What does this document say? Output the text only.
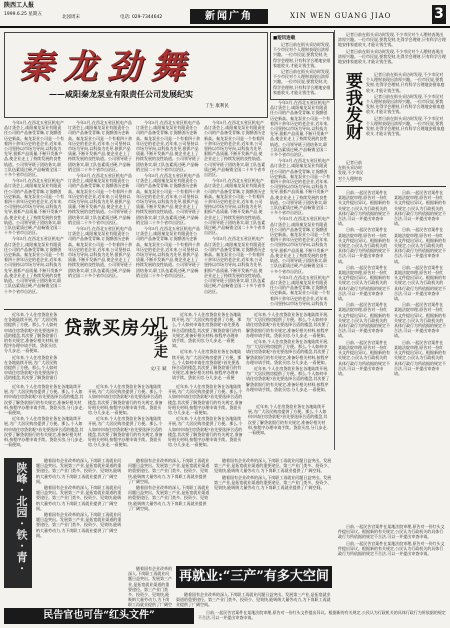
陕西工人报
1999.6.25 星期五
北园周末	电话: 029-7344642	新闻广角	XIN WEN GUANG JIAO	3
秦龙劲舞
——咸阳秦龙泵业有限责任公司发展纪实
丁生 康利民

今年5月,在西北五省区机电产品订货会上,咸阳秦龙泵业有限责任公司的产品备受青睐,订货额创历史新高。秦龙泵业公司是一个有着四十余年历史的老企业,近年来,公司坚持以市场为导向,以科技为先导,狠抓产品质量,不断开发新产品,使企业走上了持续发展的良性轨道。公司领导班子团结务实,职工队伍素质过硬,产品畅销全国二十多个省市自治区。

今年5月,在西北五省区机电产品订货会上,咸阳秦龙泵业有限责任公司的产品备受青睐,订货额创历史新高。秦龙泵业公司是一个有着四十余年历史的老企业,近年来,公司坚持以市场为导向,以科技为先导,狠抓产品质量,不断开发新产品,使企业走上了持续发展的良性轨道。公司领导班子团结务实,职工队伍素质过硬,产品畅销全国二十多个省市自治区。

今年5月,在西北五省区机电产品订货会上,咸阳秦龙泵业有限责任公司的产品备受青睐,订货额创历史新高。秦龙泵业公司是一个有着四十余年历史的老企业,近年来,公司坚持以市场为导向,以科技为先导,狠抓产品质量,不断开发新产品,使企业走上了持续发展的良性轨道。公司领导班子团结务实,职工队伍素质过硬,产品畅销全国二十多个省市自治区。

今年5月,在西北五省区机电产品订货会上,咸阳秦龙泵业有限责任公司的产品备受青睐,订货额创历史新高。秦龙泵业公司是一个有着四十余年历史的老企业,近年来,公司坚持以市场为导向,以科技为先导,狠抓产品质量,不断开发新产品,使企业走上了持续发展的良性轨道。公司领导班子团结务实,职工队伍素质过硬,产品畅销全国二十多个省市自治区。

今年5月,在西北五省区机电产品订货会上,咸阳秦龙泵业有限责任公司的产品备受青睐,订货额创历史新高。秦龙泵业公司是一个有着四十余年历史的老企业,近年来,公司坚持以市场为导向,以科技为先导,狠抓产品质量,不断开发新产品,使企业走上了持续发展的良性轨道。公司领导班子团结务实,职工队伍素质过硬,产品畅销全国二十多个省市自治区。

今年5月,在西北五省区机电产品订货会上,咸阳秦龙泵业有限责任公司的产品备受青睐,订货额创历史新高。秦龙泵业公司是一个有着四十余年历史的老企业,近年来,公司坚持以市场为导向,以科技为先导,狠抓产品质量,不断开发新产品,使企业走上了持续发展的良性轨道。公司领导班子团结务实,职工队伍素质过硬,产品畅销全国二十多个省市自治区。

今年5月,在西北五省区机电产品订货会上,咸阳秦龙泵业有限责任公司的产品备受青睐,订货额创历史新高。秦龙泵业公司是一个有着四十余年历史的老企业,近年来,公司坚持以市场为导向,以科技为先导,狠抓产品质量,不断开发新产品,使企业走上了持续发展的良性轨道。公司领导班子团结务实,职工队伍素质过硬,产品畅销全国二十多个省市自治区。

今年5月,在西北五省区机电产品订货会上,咸阳秦龙泵业有限责任公司的产品备受青睐,订货额创历史新高。秦龙泵业公司是一个有着四十余年历史的老企业,近年来,公司坚持以市场为导向,以科技为先导,狠抓产品质量,不断开发新产品,使企业走上了持续发展的良性轨道。公司领导班子团结务实,职工队伍素质过硬,产品畅销全国二十多个省市自治区。

今年5月,在西北五省区机电产品订货会上,咸阳秦龙泵业有限责任公司的产品备受青睐,订货额创历史新高。秦龙泵业公司是一个有着四十余年历史的老企业,近年来,公司坚持以市场为导向,以科技为先导,狠抓产品质量,不断开发新产品,使企业走上了持续发展的良性轨道。公司领导班子团结务实,职工队伍素质过硬,产品畅销全国二十多个省市自治区。

今年5月,在西北五省区机电产品订货会上,咸阳秦龙泵业有限责任公司的产品备受青睐,订货额创历史新高。秦龙泵业公司是一个有着四十余年历史的老企业,近年来,公司坚持以市场为导向,以科技为先导,狠抓产品质量,不断开发新产品,使企业走上了持续发展的良性轨道。公司领导班子团结务实,职工队伍素质过硬,产品畅销全国二十多个省市自治区。

今年5月,在西北五省区机电产品订货会上,咸阳秦龙泵业有限责任公司的产品备受青睐,订货额创历史新高。秦龙泵业公司是一个有着四十余年历史的老企业,近年来,公司坚持以市场为导向,以科技为先导,狠抓产品质量,不断开发新产品,使企业走上了持续发展的良性轨道。公司领导班子团结务实,职工队伍素质过硬,产品畅销全国二十多个省市自治区。

今年5月,在西北五省区机电产品订货会上,咸阳秦龙泵业有限责任公司的产品备受青睐,订货额创历史新高。秦龙泵业公司是一个有着四十余年历史的老企业,近年来,公司坚持以市场为导向,以科技为先导,狠抓产品质量,不断开发新产品,使企业走上了持续发展的良性轨道。公司领导班子团结务实,职工队伍素质过硬,产品畅销全国二十多个省市自治区。

今年5月,在西北五省区机电产品订货会上,咸阳秦龙泵业有限责任公司的产品备受青睐,订货额创历史新高。秦龙泵业公司是一个有着四十余年历史的老企业,近年来,公司坚持以市场为导向,以科技为先导,狠抓产品质量,不断开发新产品,使企业走上了持续发展的良性轨道。公司领导班子团结务实,职工队伍素质过硬,产品畅销全国二十多个省市自治区。

今年5月,在西北五省区机电产品订货会上,咸阳秦龙泵业有限责任公司的产品备受青睐,订货额创历史新高。秦龙泵业公司是一个有着四十余年历史的老企业,近年来,公司坚持以市场为导向,以科技为先导,狠抓产品质量,不断开发新产品,使企业走上了持续发展的良性轨道。公司领导班子团结务实,职工队伍素质过硬,产品畅销全国二十多个省市自治区。

今年5月,在西北五省区机电产品订货会上,咸阳秦龙泵业有限责任公司的产品备受青睐,订货额创历史新高。秦龙泵业公司是一个有着四十余年历史的老企业,近年来,公司坚持以市场为导向,以科技为先导,狠抓产品质量,不断开发新产品,使企业走上了持续发展的良性轨道。公司领导班子团结务实,职工队伍素质过硬,产品畅销全国二十多个省市自治区。

今年5月,在西北五省区机电产品订货会上,咸阳秦龙泵业有限责任公司的产品备受青睐,订货额创历史新高。秦龙泵业公司是一个有着四十余年历史的老企业,近年来,公司坚持以市场为导向,以科技为

■短讯连载

记者日前在街头采访时发现,不少市民对个人理财表现出浓厚兴趣。一位市民说,要我发财,先得学会理财,只有科学合理地安排家庭收支,才能让钱生钱。

记者日前在街头采访时发现,不少市民对个人理财表现出浓厚兴趣。一位市民说,要我发财,先得学会理财,只有科学合理地安排家庭收支,才能让钱生钱。

记者日前在街头采访时发现,不少市民对个人理财表现出浓厚兴趣。一位市民说,要我发财,先得学会理财,只有科学合理地安排家庭收支,才能让钱生钱。

记者日前在街头采访时发现,不少市民对个人理财表现出浓厚兴趣。一位市民说,要我发财,先得学会理财,只有科学合理地安排家庭收支,才能让钱生钱。

要我发财	记者日前在街头采访时发现,不少市民对个人理财表现出浓厚兴趣。一位市民说,要我发财,先得学会理财,只有科学合理地安排家庭收支,才能让钱生钱。

记者日前在街头采访时发现,不少市民对个人理财表现出浓厚兴趣。一位市民说,要我发财,先得学会理财,只有科学合理地安排家庭收支,才能让钱生钱。

记者日前在街头采访时发现,不少市民对个人理财表现出浓厚兴趣。一位市民说,要我发财,先得学会理财,只有科学合理地安排家庭收支,才能让钱生钱。

记者日前在街头采访时发现,不少市民对个人理财表

日前,一起民告官案件在某地法院审理,原告对一份红头文件提出异议。根据新的有关规定,公民认为行政机关的具体行政行为所依据的规定不合法,可以一并提出审查申请。

日前,一起民告官案件在某地法院审理,原告对一份红头文件提出异议。根据新的有关规定,公民认为行政机关的具体行政行为所依据的规定不合法,可以一并提出审查申请。

日前,一起民告官案件在某地法院审理,原告对一份红头文件提出异议。根据新的有关规定,公民认为行政机关的具体行政行为所依据的规定不合法,可以一并提出审查申请。

日前,一起民告官案件在某地法院审理,原告对一份红头文件提出异议。根据新的有关规定,公民认为行政机关的具体行政行为所依据的规定不合法,可以一并提出审查申请。

日前,一起民告官案件在某地法院审理,原告对一份红头文件提出异议。根据新的有关规定,公民认为行政机关的具体行政行为所依据的规定不合法,可以一并提出审查申请。

日前,一起民告官案件在某地法院审理,原告对一份红头文件提出异议。根据新的有关规定,公民认为行政机关的具体行政行为所依据的规定不合法,可以一并提出审查申请。

日前,一起民告官案件在某地法院审理,原告对一份红头文件提出异议。根据新的有关规定,公民认为行政机关的具体行政行为所依据的规定不合法,可以一并提出审查申请。

日前,一起民告官案件在某地法院审理,原告对一份红头文件提出异议。根据新的有关规定,公民认为行政机关的具体行政行为所依据的规定不合法,可以一并提出审查申请。

日前,一起民告官案件在某地法院审理,原告对一份红头文件提出异议。根据新的有关规定,公民认为行政机关的具体行政行为所依据的规定不合法,可以一并提出审查申请。

日前,一起民告官案件在某地法院审理,原告对一份红头文件提出异议。根据新的有关规定,公民认为行政机关的具体行政行为所依据的规定不合法,可以一并提出审查申请。

近年来,个人住房贷款业务在各地陆续开展,为广大居民购房提供了方便。那么,个人如何申请住房贷款呢?首先要选择合适的楼盘,其次要了解贷款银行的有关规定,准备好相关材料,按程序办理申请手续。贷款买房,分几步走,一看便知。

近年来,个人住房贷款业务在各地陆续开展,为广大居民购房提供了方便。那么,个人如何申请住房贷款呢?首先要选择合适的楼盘,其次要了解贷款银行

贷款买房分
几步走

近年来,个人住房贷款业务在各地陆续开展,为广大居民购房提供了方便。那么,个人如何申请住房贷款呢?首先要选择合适的楼盘,其次要了解贷款银行的有关规定,准备好相关材料,按程序办理申请手续。贷款买房,分几步走,一看便知。

近年来,个人住房贷款业务在各地陆续开展,为广大居民购房提供了方便。那么,个人如何申请住房贷款呢?首先要选择合适的楼盘,其次要了解贷款银行的有关规定,准备好相关材料,按程序办理申请手续。贷款买房,分几步走,一看便

近年来,个人住房贷款业务在各地陆续开展,为广大居民购房提供了方便。那么,个人如何申请住房贷款呢?首先要选择合适的楼盘,其次要了解贷款银行的有关规定,准备好相关材料,按程序办理申请手续。贷款买房,分几步走,一看便知。

近年来,个人住房贷款业务在各地陆续开展,为广大居民购房提供了方便。那么,个人如何申请住房贷款呢?首先要选择合适的楼盘,其次要了解贷款银行的有关规定,准备好相关材料,按程序办理申请手续。贷款买房,分几步走,一看便知。

近年来,个人住房贷款业务在各地陆续开展,为广大居民购房提供了方便。那么,个人如何申请住房贷款呢?首先要选择合适的楼盘,其次要了解贷款银行的有关规定,准备好相关材料,按程序办理申请手续。贷款买房,分几步走,一看便知。

文/王 斌

近年来,个人住房贷款业务在各地陆续开展,为广大居民购房提供了方便。那么,个人如何申请住房贷款呢?首先要选择合适的楼盘,其次要了解贷款银行的有关规定,准备好相关材料,按程序办理申请手续。贷款买房,分几步走,一看便知。

近年来,个人住房贷款业务在各地陆续开展,为广大居民购房提供了方便。那么,个人如何申请住房贷款呢?首先要选择合适的楼盘,其次要了解贷款银行的有关规定,准备好相关材料,按程序办理申请手续。贷款买房,分几步走,一看便知。

近年来,个人住房贷款业务在各地陆续开展,为广大居民购房提供了方便。那么,个人如何申请住房贷款呢?首先要选择合适的楼盘,其次要了解贷款银行的有关规定,准备好相关材料,按程序办理申请手续。贷款买房,分几步走,一看便知。

近年来,个人住房贷款业务在各地陆续开展,为广大居民购房提供了方便。那么,个人如何申请住房贷款呢?首先要选择合适的楼盘,其次要了解贷款银行的有关规定,准备好相关材料,按程序办理申请手续。贷款买房,分几步走,一看便知。

近年来,个人住房贷款业务在各地陆续开展,为广大居民购房提供了方便。那么,个人如何申请住房贷款呢?首先要选择合适的楼盘,其次要了解贷款银行的有关规定,准备好相关材料,按程序办理申请手续。贷款买房,分几步走,一看便知。

近年来,个人住房贷款业务在各地陆续开展,为广大居民购房提供了方便。那么,个人如何申请住房贷款呢?首先要选择合适的楼盘,其次要了解贷款银行的有关规定,准备好相关材料,按程序办理申请手续。贷款买房,分几步走,一看便知。

近年来,个人住房贷款业务在各地陆续开展,为广大居民购房提供了方便。那么,个人如何申请住房贷款呢?首先要选择合适的楼盘,其次要了解贷款银行的有关规定,准备好相关材料,按程序办理申请手续。贷款买房,分几步走,一看便知。

陕峰 · 北园 · 铁 · 青 ·

随着国有企业改革的深入,下岗职工再就业问题日益突出。发展第三产业,是拓宽就业渠道的重要途径。第三产业门类多、投资少、见效快,能吸纳大量劳动力,为下岗职工再就业提供了广阔空间。

随着国有企业改革的深入,下岗职工再就业问题日益突出。发展第三产业,是拓宽就业渠道的重要途径。第三产业门类多、投资少、见效快,能吸纳大量劳动力,为下岗职工再就业提供了广阔空间。

随着国有企业改革的深入,下岗职工再就业问题日益突出。发展第三产业,是拓宽就业渠道的重要途径。第三产业门类多、投资少、见效快,能吸纳大量劳动力,为下岗职工再就业提供了广阔空间。

随着国有企业改革的深入,下岗职工再就业问题日益突出。发展第三产业,是拓宽就业渠道的重要途径。第三产业门类多、投资少、见效快,能吸纳大量劳动力,为下岗职工再就业提供了广阔空间。

随着国有企业改革的深入,下岗职工再就业问题日益突出。发展第三产业,是拓宽就业渠道的重要途径。第三产业门类多、投资少、见效快,能吸纳大量劳动力,为下岗职工再就业提供了广阔空间。

随着国有企业改革的深入,下岗职工再就业问题日益突出。发展第三产业,是拓宽就业渠道的重要途径。第三产业门类多、投资少、见效快,能吸纳大量劳动力,为下岗职工再就业提供了广阔空间。

随着国有企业改革的深入,下岗职工再就业问题日益突出。发展第三产业,是拓宽就业渠道的重要途径。第三产业门类多、投资少、见效快,能吸纳大量劳动力,为下岗职工再就业提供了广阔空间。

再就业:“三产”有多大空间

随着国有企业改革的深入,下岗职工再就业问题日益突出。发展第三产业,是拓宽就业渠道的重要途径。第三产业门类多、投资少、见效快,能吸纳大量劳动力,为下岗职工再就业提供了广阔空

随着国有企业改革的深入,下岗职工再就业问题日益突出。发展第三产业,是拓宽就业渠道的重要途径。第三产业门类多、投资少、见效快,能吸纳大量劳动力,为下岗职工再就业提供了广阔空间。

日前,一起民告官案件在某地法院审理,原告对一份红头文件提出异议。根据新的有关规定,公民认为行政机关的具体行政行为所依据的规定不合法,可以一并提出审查申请。

日前,一起民告官案件在某地法院审理,原告对一份红头文件提出异议。根据新的有关规定,公民认为行政机关的具体行政行为所依据的规定不合法,可以一并提出审查申请。

民告官也可告“红头文件”	日前,一起民告官案件在某地法院审理,原告对一份红头文件提出异议。根据新的有关规定,公民认为行政机关的具体行政行为所依据的规定不合法,可以一并提出审查申请。
